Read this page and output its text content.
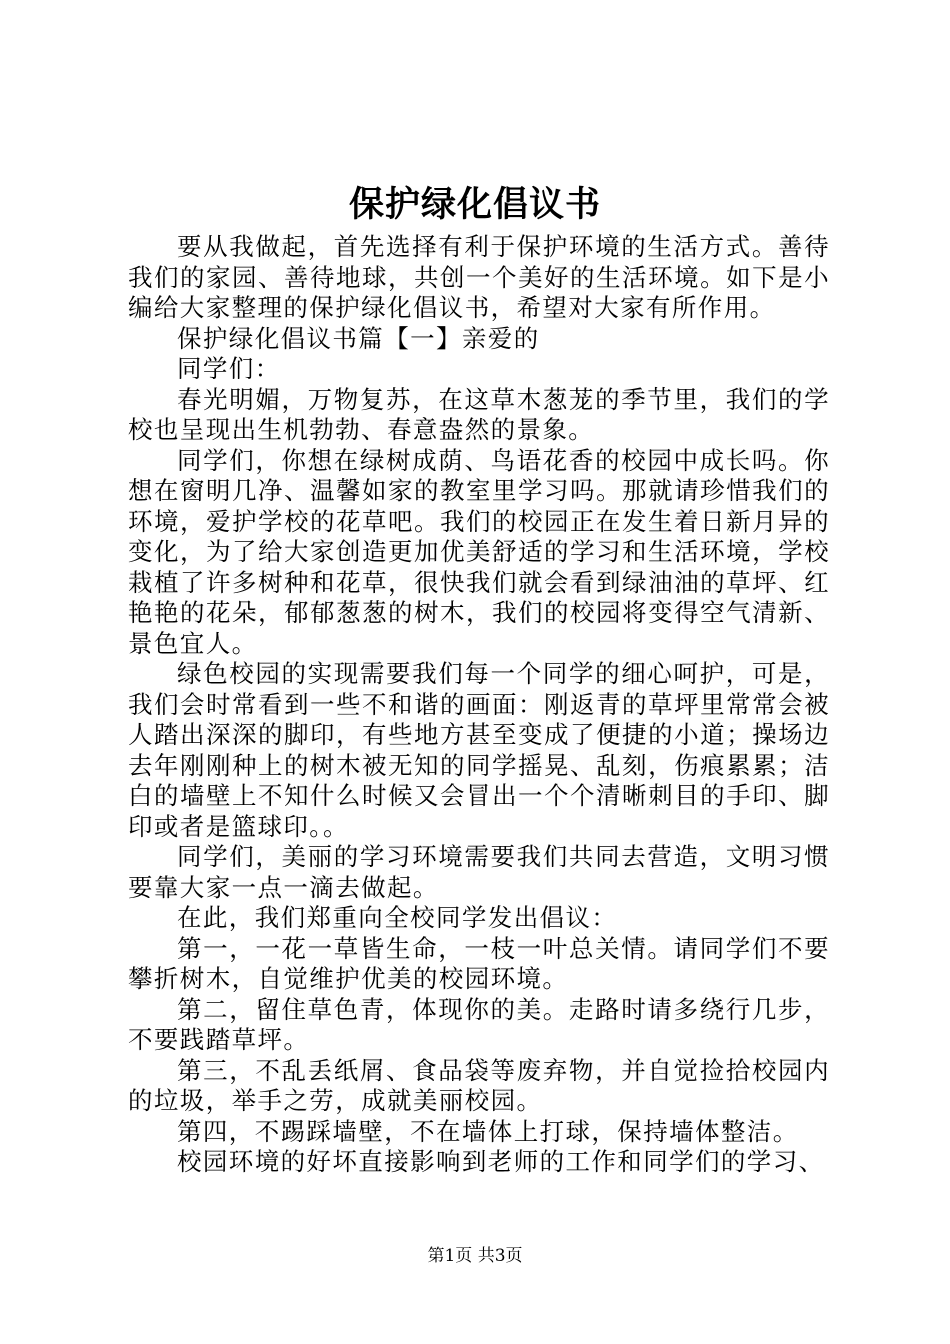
保护绿化倡议书

要从我做起，首先选择有利于保护环境的生活方式。善待我们的家园、善待地球，共创一个美好的生活环境。如下是小编给大家整理的保护绿化倡议书，希望对大家有所作用。

保护绿化倡议书篇【一】亲爱的

同学们：

春光明媚，万物复苏，在这草木葱茏的季节里，我们的学校也呈现出生机勃勃、春意盎然的景象。

同学们，你想在绿树成荫、鸟语花香的校园中成长吗。你想在窗明几净、温馨如家的教室里学习吗。那就请珍惜我们的环境，爱护学校的花草吧。我们的校园正在发生着日新月异的变化，为了给大家创造更加优美舒适的学习和生活环境，学校栽植了许多树种和花草，很快我们就会看到绿油油的草坪、红艳艳的花朵，郁郁葱葱的树木，我们的校园将变得空气清新、景色宜人。

绿色校园的实现需要我们每一个同学的细心呵护，可是，我们会时常看到一些不和谐的画面：刚返青的草坪里常常会被人踏出深深的脚印，有些地方甚至变成了便捷的小道；操场边去年刚刚种上的树木被无知的同学摇晃、乱刻，伤痕累累；洁白的墙壁上不知什么时候又会冒出一个个清晰刺目的手印、脚印或者是篮球印。。

同学们，美丽的学习环境需要我们共同去营造，文明习惯要靠大家一点一滴去做起。

在此，我们郑重向全校同学发出倡议：

第一，一花一草皆生命，一枝一叶总关情。请同学们不要攀折树木，自觉维护优美的校园环境。

第二，留住草色青，体现你的美。走路时请多绕行几步，不要践踏草坪。

第三，不乱丢纸屑、食品袋等废弃物，并自觉捡拾校园内的垃圾，举手之劳，成就美丽校园。

第四，不踢踩墙壁，不在墙体上打球，保持墙体整洁。

校园环境的好坏直接影响到老师的工作和同学们的学习、

第1页 共3页
